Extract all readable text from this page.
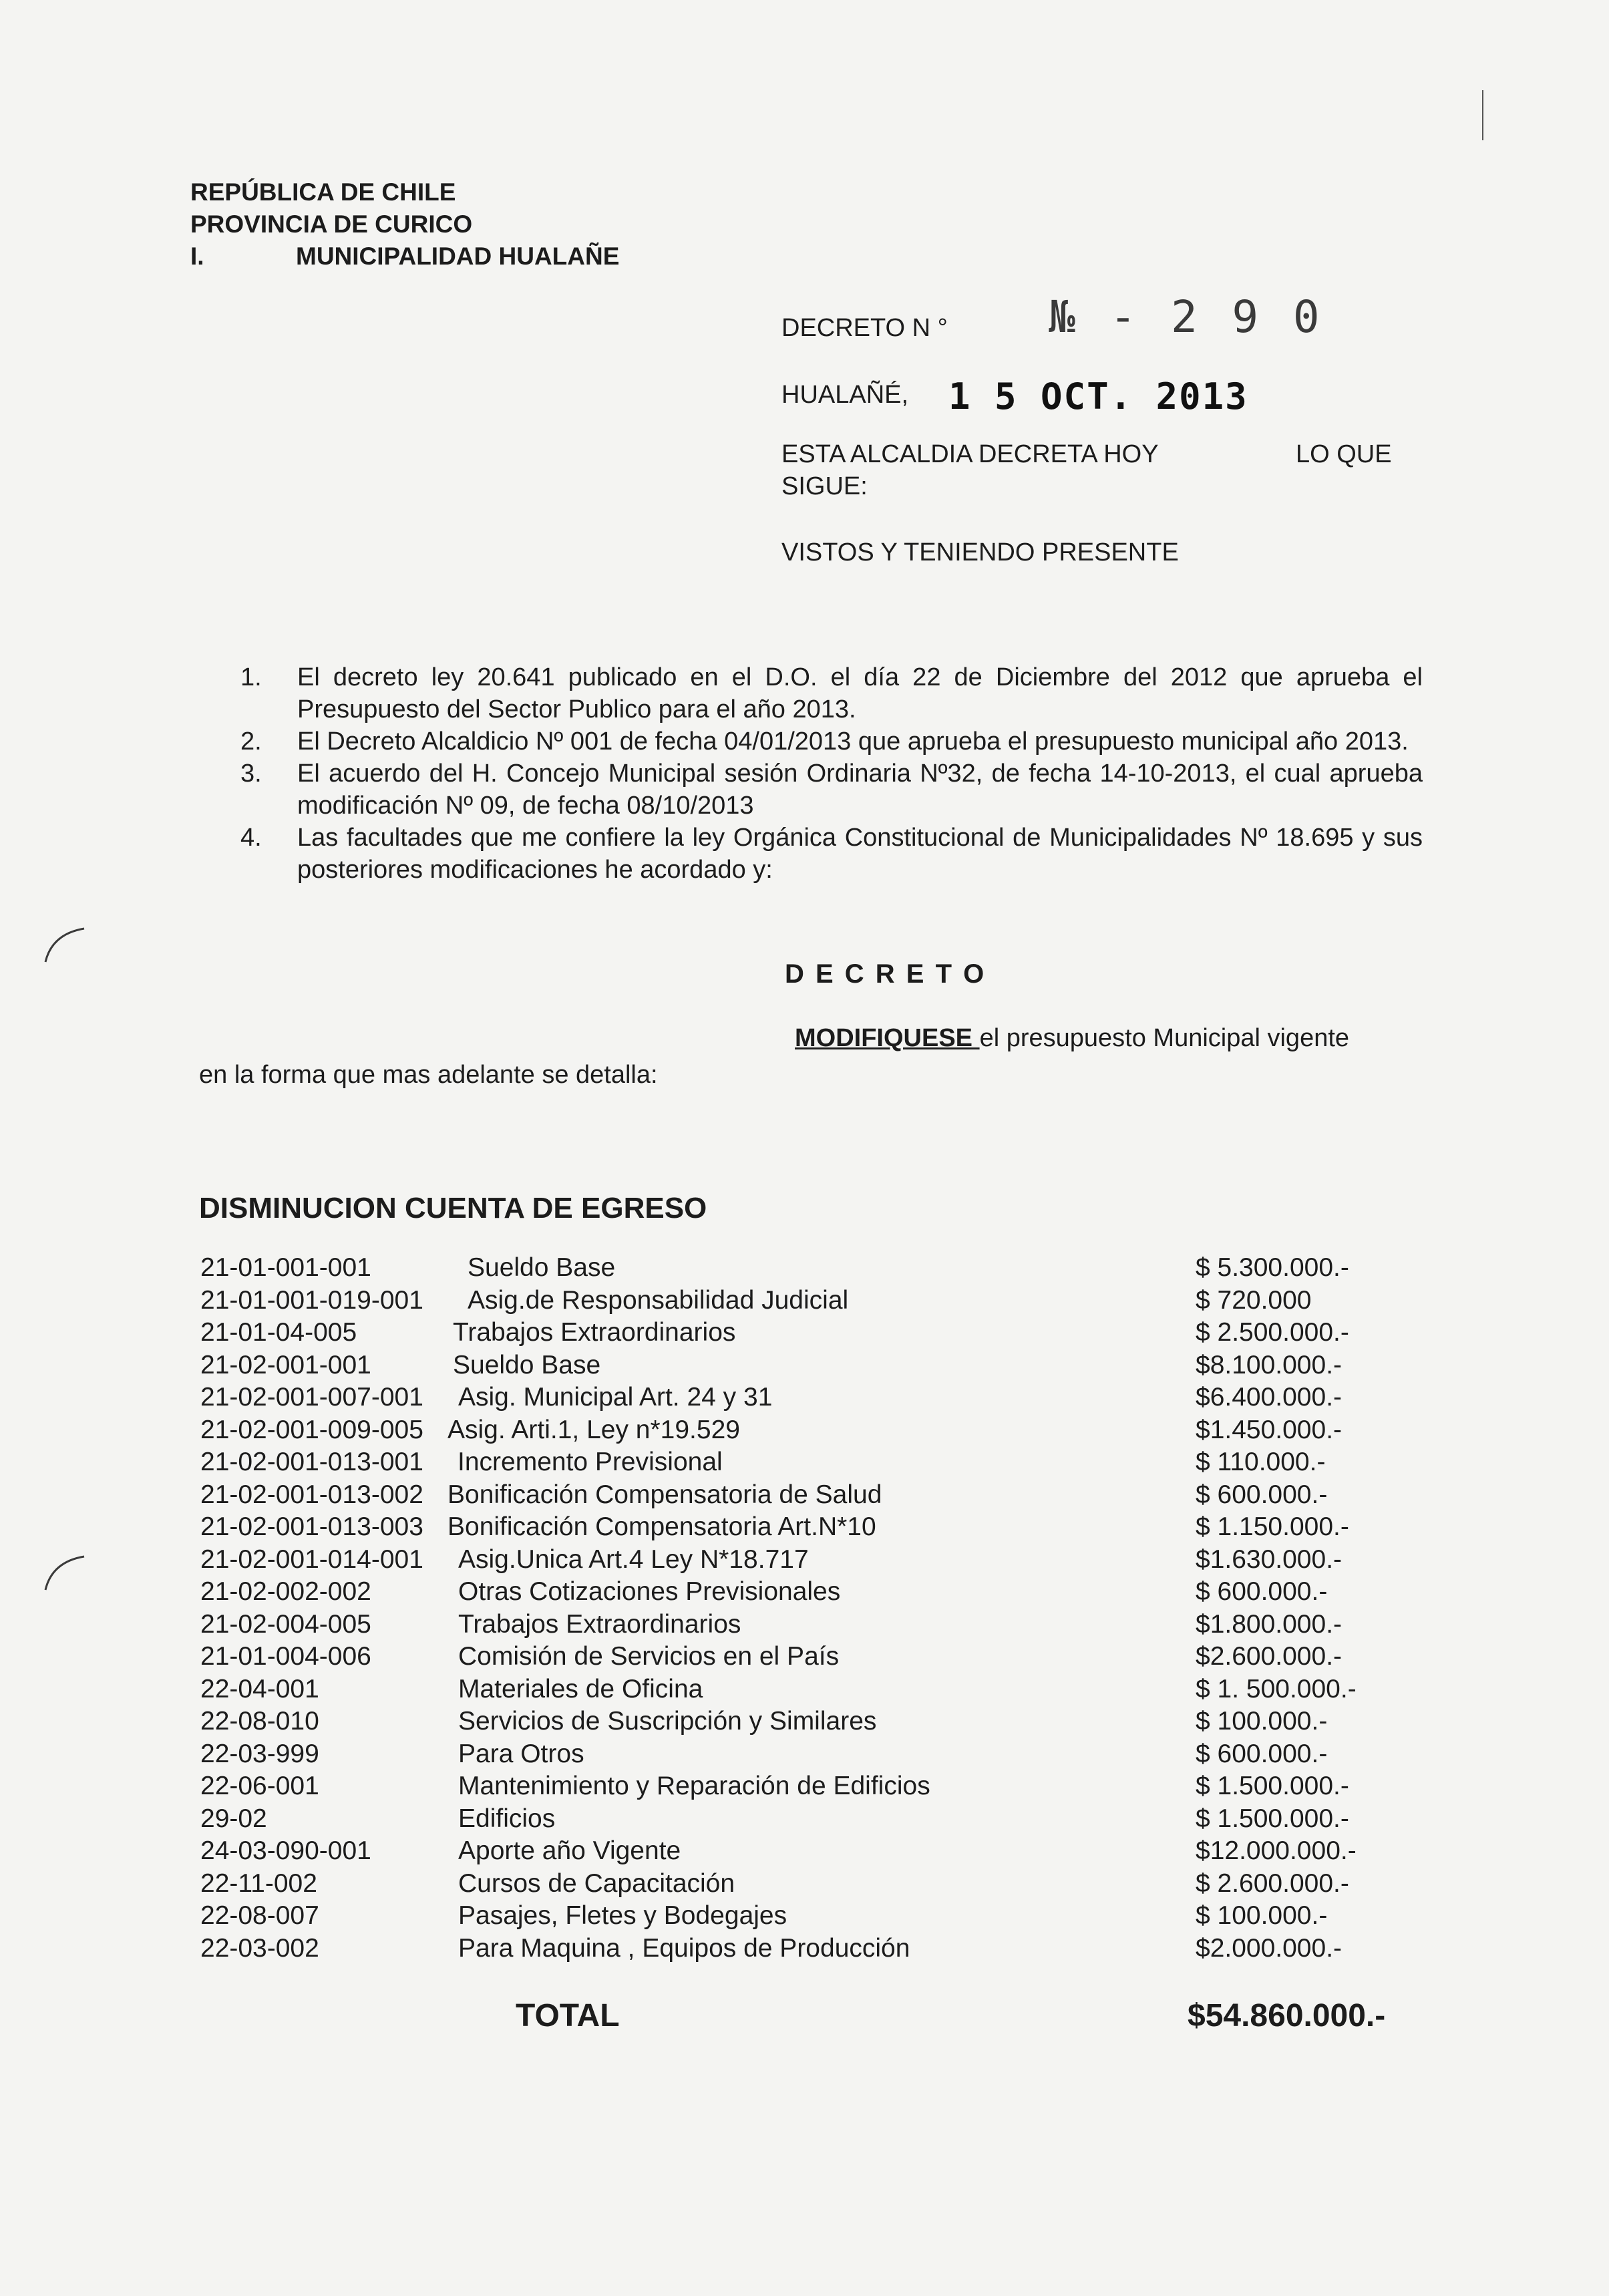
REPÚBLICA DE CHILE
PROVINCIA DE CURICO
I.	MUNICIPALIDAD HUALAÑE
DECRETO N ° № - 2 9 0
HUALAÑÉ, 1 5 OCT. 2013
ESTA ALCALDIA DECRETA HOY	LO QUE
SIGUE:
VISTOS Y TENIENDO PRESENTE
1. El decreto ley 20.641 publicado en el D.O. el día 22 de Diciembre del 2012 que aprueba el Presupuesto del Sector Publico para el año 2013.
2. El Decreto Alcaldicio Nº 001 de fecha 04/01/2013 que aprueba el presupuesto municipal año 2013.
3. El acuerdo del H. Concejo Municipal sesión Ordinaria Nº32, de fecha 14-10-2013, el cual aprueba modificación Nº 09, de fecha 08/10/2013
4. Las facultades que me confiere la ley Orgánica Constitucional de Municipalidades Nº 18.695 y sus posteriores modificaciones he acordado y:
D E C R E T O
MODIFIQUESE el presupuesto Municipal vigente
en la forma que mas adelante se detalla:
DISMINUCION CUENTA DE EGRESO
21-01-001-001	Sueldo Base	$ 5.300.000.-
21-01-001-019-001 Asig.de Responsabilidad Judicial	$ 720.000
21-01-04-005	Trabajos Extraordinarios	$ 2.500.000.-
21-02-001-001	Sueldo Base	$8.100.000.-
21-02-001-007-001 Asig. Municipal Art. 24 y 31	$6.400.000.-
21-02-001-009-005 Asig. Arti.1, Ley n*19.529	$1.450.000.-
21-02-001-013-001 Incremento Previsional	$ 110.000.-
21-02-001-013-002 Bonificación Compensatoria de Salud	$ 600.000.-
21-02-001-013-003 Bonificación Compensatoria Art.N*10	$ 1.150.000.-
21-02-001-014-001 Asig.Unica Art.4 Ley N*18.717	$1.630.000.-
21-02-002-002	Otras Cotizaciones Previsionales	$ 600.000.-
21-02-004-005	Trabajos Extraordinarios	$1.800.000.-
21-01-004-006	Comisión de Servicios en el País	$2.600.000.-
22-04-001	Materiales de Oficina	$ 1. 500.000.-
22-08-010	Servicios de Suscripción y Similares	$ 100.000.-
22-03-999	Para Otros	$ 600.000.-
22-06-001	Mantenimiento y Reparación de Edificios	$ 1.500.000.-
29-02	Edificios	$ 1.500.000.-
24-03-090-001	Aporte año Vigente	$12.000.000.-
22-11-002	Cursos de Capacitación	$ 2.600.000.-
22-08-007	Pasajes, Fletes y Bodegajes	$ 100.000.-
22-03-002	Para Maquina , Equipos de Producción	$2.000.000.-
TOTAL	$54.860.000.-
